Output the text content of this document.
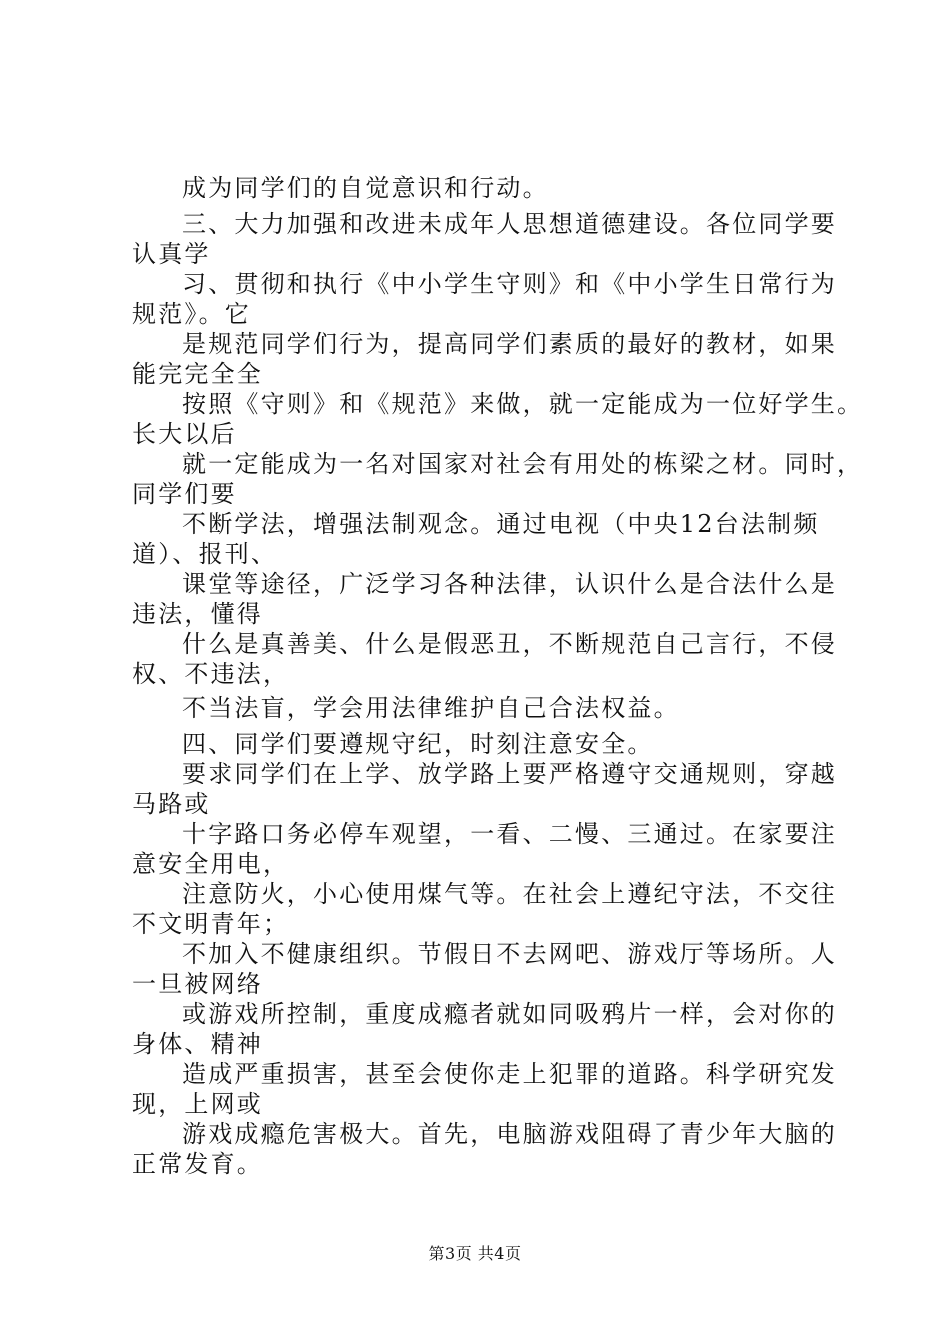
成为同学们的自觉意识和行动。
三、大力加强和改进未成年人思想道德建设。各位同学要
认真学
习、贯彻和执行《中小学生守则》和《中小学生日常行为
规范》。它
是规范同学们行为，提高同学们素质的最好的教材，如果
能完完全全
按照《守则》和《规范》来做，就一定能成为一位好学生。
长大以后
就一定能成为一名对国家对社会有用处的栋梁之材。同时，
同学们要
不断学法，增强法制观念。通过电视（中央12台法制频
道）、报刊、
课堂等途径，广泛学习各种法律，认识什么是合法什么是
违法，懂得
什么是真善美、什么是假恶丑，不断规范自己言行，不侵
权、不违法，
不当法盲，学会用法律维护自己合法权益。
四、同学们要遵规守纪，时刻注意安全。
要求同学们在上学、放学路上要严格遵守交通规则，穿越
马路或
十字路口务必停车观望，一看、二慢、三通过。在家要注
意安全用电，
注意防火，小心使用煤气等。在社会上遵纪守法，不交往
不文明青年；
不加入不健康组织。节假日不去网吧、游戏厅等场所。人
一旦被网络
或游戏所控制，重度成瘾者就如同吸鸦片一样，会对你的
身体、精神
造成严重损害，甚至会使你走上犯罪的道路。科学研究发
现，上网或
游戏成瘾危害极大。首先，电脑游戏阻碍了青少年大脑的
正常发育。
第3页 共4页
